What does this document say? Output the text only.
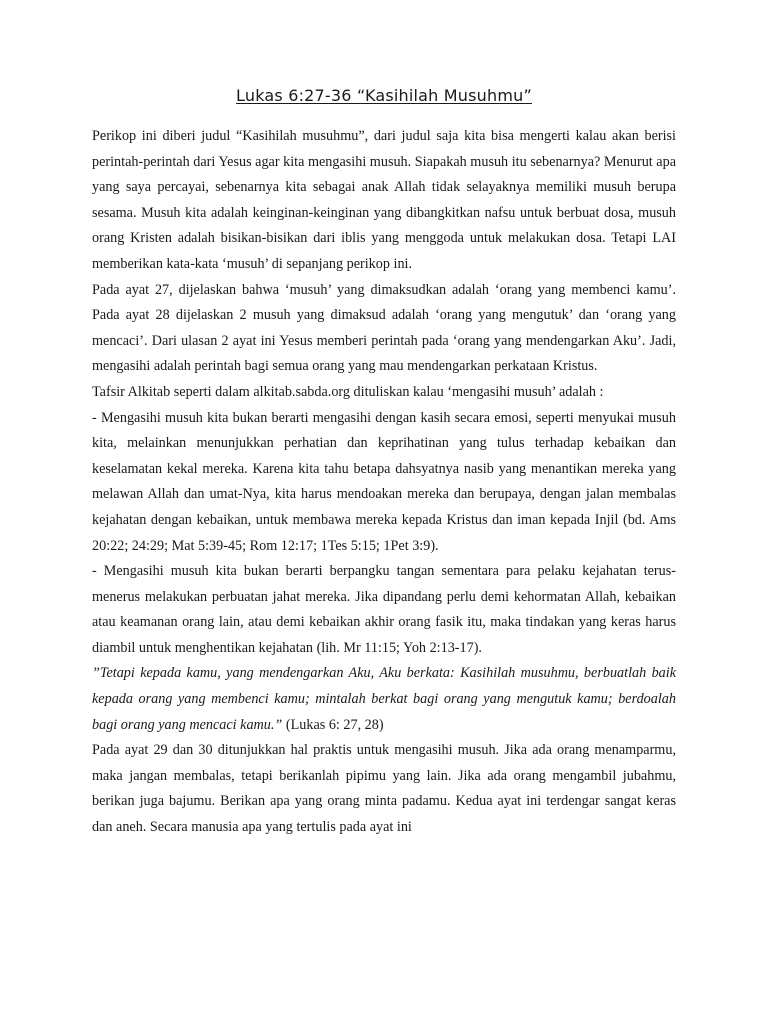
Lukas 6:27-36 “Kasihilah Musuhmu”

Perikop ini diberi judul “Kasihilah musuhmu”, dari judul saja kita bisa mengerti kalau akan berisi perintah-perintah dari Yesus agar kita mengasihi musuh. Siapakah musuh itu sebenarnya? Menurut apa yang saya percayai, sebenarnya kita sebagai anak Allah tidak selayaknya memiliki musuh berupa sesama. Musuh kita adalah keinginan-keinginan yang dibangkitkan nafsu untuk berbuat dosa, musuh orang Kristen adalah bisikan-bisikan dari iblis yang menggoda untuk melakukan dosa. Tetapi LAI memberikan kata-kata ‘musuh’ di sepanjang perikop ini.

Pada ayat 27, dijelaskan bahwa ‘musuh’ yang dimaksudkan adalah ‘orang yang membenci kamu’. Pada ayat 28 dijelaskan 2 musuh yang dimaksud adalah ‘orang yang mengutuk’ dan ‘orang yang mencaci’. Dari ulasan 2 ayat ini Yesus memberi perintah pada ‘orang yang mendengarkan Aku’. Jadi, mengasihi adalah perintah bagi semua orang yang mau mendengarkan perkataan Kristus.

Tafsir Alkitab seperti dalam alkitab.sabda.org dituliskan kalau ‘mengasihi musuh’ adalah :

- Mengasihi musuh kita bukan berarti mengasihi dengan kasih secara emosi, seperti menyukai musuh kita, melainkan menunjukkan perhatian dan keprihatinan yang tulus terhadap kebaikan dan keselamatan kekal mereka. Karena kita tahu betapa dahsyatnya nasib yang menantikan mereka yang melawan Allah dan umat-Nya, kita harus mendoakan mereka dan berupaya, dengan jalan membalas kejahatan dengan kebaikan, untuk membawa mereka kepada Kristus dan iman kepada Injil (bd. Ams 20:22; 24:29; Mat 5:39-45; Rom 12:17; 1Tes 5:15; 1Pet 3:9).

- Mengasihi musuh kita bukan berarti berpangku tangan sementara para pelaku kejahatan terus-menerus melakukan perbuatan jahat mereka. Jika dipandang perlu demi kehormatan Allah, kebaikan atau keamanan orang lain, atau demi kebaikan akhir orang fasik itu, maka tindakan yang keras harus diambil untuk menghentikan kejahatan (lih. Mr 11:15; Yoh 2:13-17).

”Tetapi kepada kamu, yang mendengarkan Aku, Aku berkata: Kasihilah musuhmu, berbuatlah baik kepada orang yang membenci kamu; mintalah berkat bagi orang yang mengutuk kamu; berdoalah bagi orang yang mencaci kamu.” (Lukas 6: 27, 28)

Pada ayat 29 dan 30 ditunjukkan hal praktis untuk mengasihi musuh. Jika ada orang menamparmu, maka jangan membalas, tetapi berikanlah pipimu yang lain. Jika ada orang mengambil jubahmu, berikan juga bajumu. Berikan apa yang orang minta padamu. Kedua ayat ini terdengar sangat keras dan aneh. Secara manusia apa yang tertulis pada ayat ini
